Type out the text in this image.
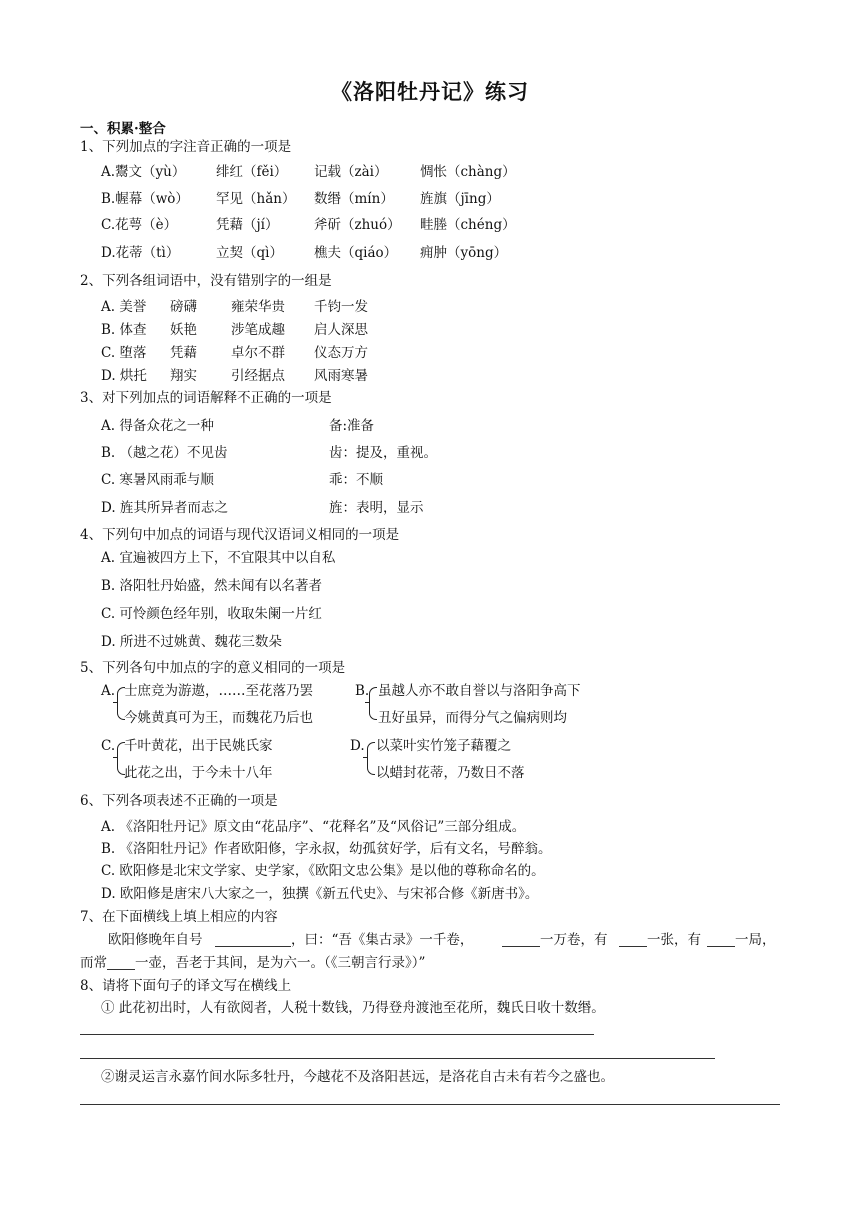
《洛阳牡丹记》练习
一、积累·整合
1、下列加点的字注音正确的一项是
A.鬻文（yù） 绯红（fěi） 记载（zài） 惆怅（chàng）
B.幄幕（wò） 罕见（hǎn） 数缗（mín） 旌旗（jīng）
C.花萼（è）	凭藉（jí）	斧斫（zhuó） 畦塍（chéng）
D.花蒂（tì）	立契（qì） 樵夫（qiáo） 痈肿（yōng）
2、下列各组词语中，没有错别字的一组是
A. 美誉 磅礴	雍荣华贵 千钧一发
B. 体查 妖艳	涉笔成趣 启人深思
C. 堕落 凭藉	卓尔不群 仪态万方
D. 烘托 翔实	引经据点 风雨寒暑
3、对下列加点的词语解释不正确的一项是
A. 得备众花之一种	备:准备
B. （越之花）不见齿	齿：提及，重视。
C. 寒暑风雨乖与顺	乖：不顺
D. 旌其所异者而志之	旌：表明，显示
4、下列句中加点的词语与现代汉语词义相同的一项是
A. 宜遍被四方上下，不宜限其中以自私
B. 洛阳牡丹始盛，然未闻有以名著者
C. 可怜颜色经年别，收取朱阑一片红
D. 所进不过姚黄、魏花三数朵
5、下列各句中加点的字的意义相同的一项是
A. 士庶竞为游遨，……至花落乃罢
今姚黄真可为王，而魏花乃后也
B. 虽越人亦不敢自誉以与洛阳争高下
丑好虽异，而得分气之偏病则均
C. 千叶黄花，出于民姚氏家
此花之出，于今未十八年
D. 以菜叶实竹笼子藉覆之
以蜡封花蒂，乃数日不落
6、下列各项表述不正确的一项是
A. 《洛阳牡丹记》原文由“花品序”、“花释名”及“风俗记”三部分组成。
B. 《洛阳牡丹记》作者欧阳修，字永叔，幼孤贫好学，后有文名，号醉翁。
C. 欧阳修是北宋文学家、史学家，《欧阳文忠公集》是以他的尊称命名的。
D. 欧阳修是唐宋八大家之一，独撰《新五代史》、与宋祁合修《新唐书》。
7、在下面横线上填上相应的内容
欧阳修晚年自号	，曰：“吾《集古录》一千卷，	一万卷，有	一张，有	一局，
而常 一壶，吾老于其间，是为六一。（《三朝言行录》）”
8、请将下面句子的译文写在横线上
① 此花初出时，人有欲阅者，人税十数钱，乃得登舟渡池至花所，魏氏日收十数缗。
②谢灵运言永嘉竹间水际多牡丹，今越花不及洛阳甚远，是洛花自古未有若今之盛也。
